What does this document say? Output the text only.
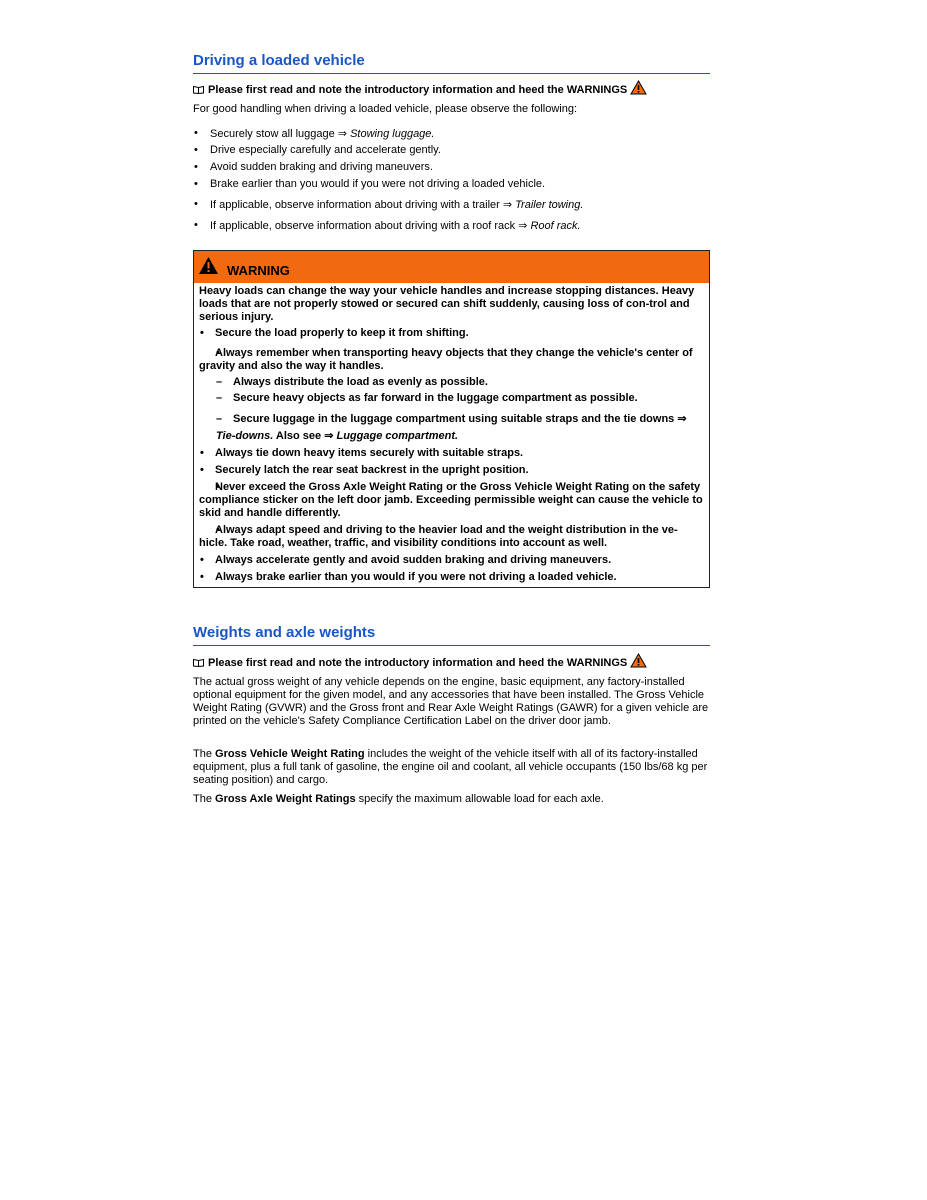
Driving a loaded vehicle
Please first read and note the introductory information and heed the WARNINGS
For good handling when driving a loaded vehicle, please observe the following:
• Securely stow all luggage ⇒ Stowing luggage.
• Drive especially carefully and accelerate gently.
• Avoid sudden braking and driving maneuvers.
• Brake earlier than you would if you were not driving a loaded vehicle.
• If applicable, observe information about driving with a trailer ⇒ Trailer towing.
• If applicable, observe information about driving with a roof rack ⇒ Roof rack.
WARNING
Heavy loads can change the way your vehicle handles and increase stopping distances. Heavy loads that are not properly stowed or secured can shift suddenly, causing loss of con-trol and serious injury.
• Secure the load properly to keep it from shifting.
• Always remember when transporting heavy objects that they change the vehicle's center of gravity and also the way it handles.
– Always distribute the load as evenly as possible.
– Secure heavy objects as far forward in the luggage compartment as possible.
– Secure luggage in the luggage compartment using suitable straps and the tie downs ⇒
Tie-downs. Also see ⇒ Luggage compartment.
• Always tie down heavy items securely with suitable straps.
• Securely latch the rear seat backrest in the upright position.
• Never exceed the Gross Axle Weight Rating or the Gross Vehicle Weight Rating on the safety compliance sticker on the left door jamb. Exceeding permissible weight can cause the vehicle to skid and handle differently.
• Always adapt speed and driving to the heavier load and the weight distribution in the ve-hicle. Take road, weather, traffic, and visibility conditions into account as well.
• Always accelerate gently and avoid sudden braking and driving maneuvers.
• Always brake earlier than you would if you were not driving a loaded vehicle.
Weights and axle weights
Please first read and note the introductory information and heed the WARNINGS
The actual gross weight of any vehicle depends on the engine, basic equipment, any factory-installed optional equipment for the given model, and any accessories that have been installed. The Gross Vehicle Weight Rating (GVWR) and the Gross front and Rear Axle Weight Ratings (GAWR) for a given vehicle are printed on the vehicle's Safety Compliance Certification Label on the driver door jamb.
The Gross Vehicle Weight Rating includes the weight of the vehicle itself with all of its factory-installed equipment, plus a full tank of gasoline, the engine oil and coolant, all vehicle occupants (150 lbs/68 kg per seating position) and cargo.
The Gross Axle Weight Ratings specify the maximum allowable load for each axle.
